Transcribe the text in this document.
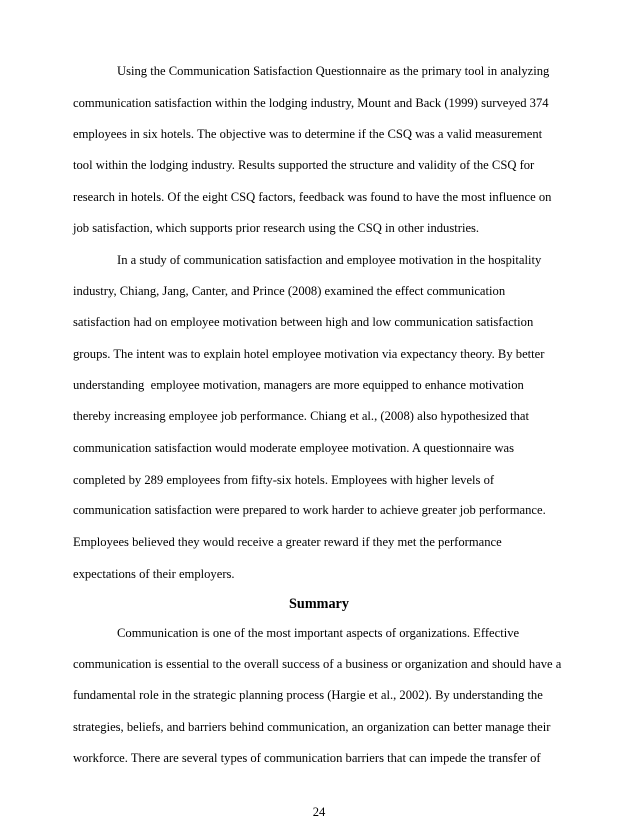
Using the Communication Satisfaction Questionnaire as the primary tool in analyzing
communication satisfaction within the lodging industry, Mount and Back (1999) surveyed 374
employees in six hotels. The objective was to determine if the CSQ was a valid measurement
tool within the lodging industry. Results supported the structure and validity of the CSQ for
research in hotels. Of the eight CSQ factors, feedback was found to have the most influence on
job satisfaction, which supports prior research using the CSQ in other industries.
In a study of communication satisfaction and employee motivation in the hospitality
industry, Chiang, Jang, Canter, and Prince (2008) examined the effect communication
satisfaction had on employee motivation between high and low communication satisfaction
groups. The intent was to explain hotel employee motivation via expectancy theory. By better
understanding  employee motivation, managers are more equipped to enhance motivation
thereby increasing employee job performance. Chiang et al., (2008) also hypothesized that
communication satisfaction would moderate employee motivation. A questionnaire was
completed by 289 employees from fifty-six hotels. Employees with higher levels of
communication satisfaction were prepared to work harder to achieve greater job performance.
Employees believed they would receive a greater reward if they met the performance
expectations of their employers.
Summary
Communication is one of the most important aspects of organizations. Effective
communication is essential to the overall success of a business or organization and should have a
fundamental role in the strategic planning process (Hargie et al., 2002). By understanding the
strategies, beliefs, and barriers behind communication, an organization can better manage their
workforce. There are several types of communication barriers that can impede the transfer of
24
